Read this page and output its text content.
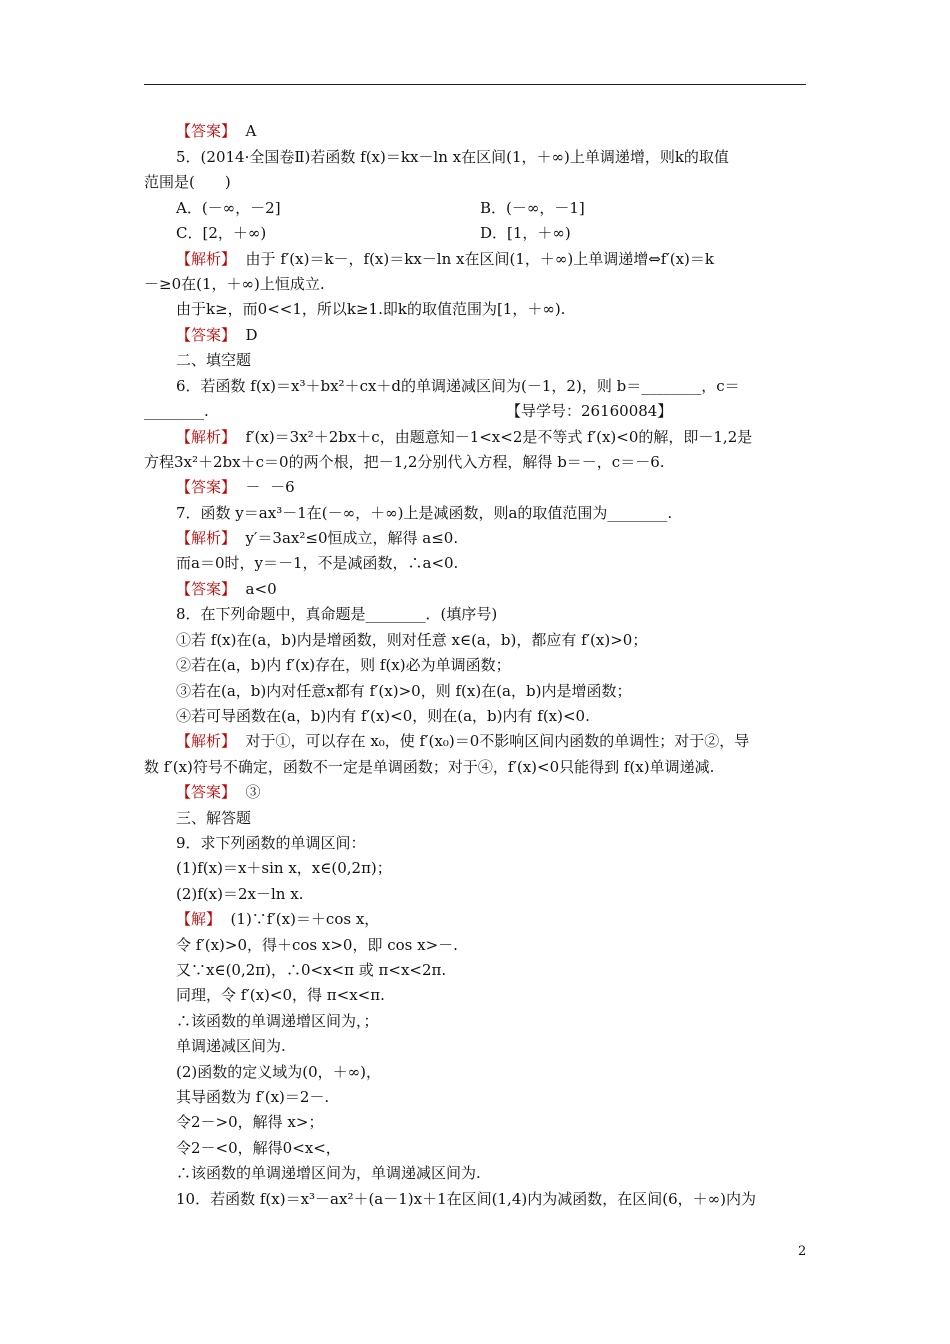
【答案】  A
5．(2014·全国卷Ⅱ)若函数 f(x)＝kx－ln x在区间(1，＋∞)上单调递增，则k的取值
范围是(　　)
A．(－∞，－2]	B．(－∞，－1]
C．[2，＋∞)	D．[1，＋∞)
【解析】  由于 f′(x)＝k－，f(x)＝kx－ln x在区间(1，＋∞)上单调递增⇔f′(x)＝k
－≥0在(1，＋∞)上恒成立.
由于k≥，而0<<1，所以k≥1.即k的取值范围为[1，＋∞).
【答案】  D
二、填空题
6．若函数 f(x)＝x³＋bx²＋cx＋d的单调递减区间为(－1，2)，则 b＝________，c＝
________.	【导学号：26160084】
【解析】  f′(x)＝3x²＋2bx＋c，由题意知－1<x<2是不等式 f′(x)<0的解，即－1,2是
方程3x²＋2bx＋c＝0的两个根，把－1,2分别代入方程，解得 b＝－，c＝－6.
【答案】  －  －6
7．函数 y＝ax³－1在(－∞，＋∞)上是减函数，则a的取值范围为________.
【解析】  y′＝3ax²≤0恒成立，解得 a≤0.
而a＝0时，y＝－1，不是减函数，∴a<0.
【答案】  a<0
8．在下列命题中，真命题是________．(填序号)
①若 f(x)在(a，b)内是增函数，则对任意 x∈(a，b)，都应有 f′(x)>0；
②若在(a，b)内 f′(x)存在，则 f(x)必为单调函数；
③若在(a，b)内对任意x都有 f′(x)>0，则 f(x)在(a，b)内是增函数；
④若可导函数在(a，b)内有 f′(x)<0，则在(a，b)内有 f(x)<0.
【解析】  对于①，可以存在 x₀，使 f′(x₀)＝0不影响区间内函数的单调性；对于②，导
数 f′(x)符号不确定，函数不一定是单调函数；对于④，f′(x)<0只能得到 f(x)单调递减.
【答案】  ③
三、解答题
9．求下列函数的单调区间：
(1)f(x)＝x＋sin x，x∈(0,2π)；
(2)f(x)＝2x－ln x.
【解】  (1)∵f′(x)＝＋cos x，
令 f′(x)>0，得＋cos x>0，即 cos x>－.
又∵x∈(0,2π)，∴0<x<π 或 π<x<2π.
同理，令 f′(x)<0，得 π<x<π.
∴该函数的单调递增区间为，；
单调递减区间为.
(2)函数的定义域为(0，＋∞)，
其导函数为 f′(x)＝2－.
令2－>0，解得 x>；
令2－<0，解得0<x<，
∴该函数的单调递增区间为，单调递减区间为.
10．若函数 f(x)＝x³－ax²＋(a－1)x＋1在区间(1,4)内为减函数，在区间(6，＋∞)内为
2
